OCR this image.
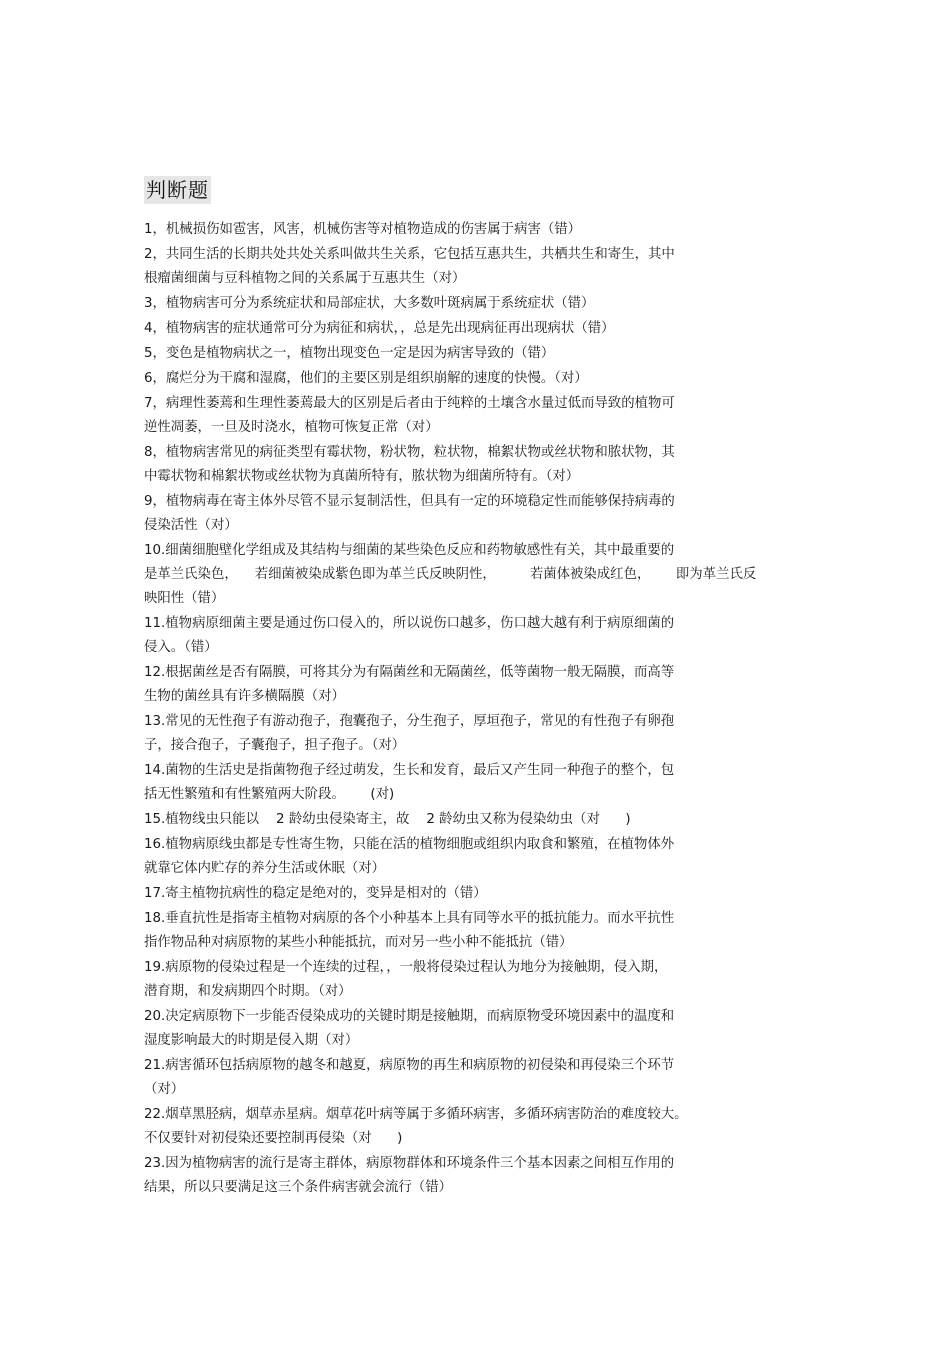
判断题
1，机械损伤如雹害，风害，机械伤害等对植物造成的伤害属于病害（错）
2，共同生活的长期共处共处关系叫做共生关系，它包括互惠共生，共栖共生和寄生，其中
根瘤菌细菌与豆科植物之间的关系属于互惠共生（对）
3，植物病害可分为系统症状和局部症状，大多数叶斑病属于系统症状（错）
4，植物病害的症状通常可分为病征和病状，，总是先出现病征再出现病状（错）
5，变色是植物病状之一，植物出现变色一定是因为病害导致的（错）
6，腐烂分为干腐和湿腐，他们的主要区别是组织崩解的速度的快慢。（对）
7，病理性萎蔫和生理性萎蔫最大的区别是后者由于纯粹的土壤含水量过低而导致的植物可
逆性凋萎，一旦及时浇水，植物可恢复正常（对）
8，植物病害常见的病征类型有霉状物，粉状物，粒状物，棉絮状物或丝状物和脓状物，其
中霉状物和棉絮状物或丝状物为真菌所特有，脓状物为细菌所特有。（对）
9，植物病毒在寄主体外尽管不显示复制活性，但具有一定的环境稳定性而能够保持病毒的
侵染活性（对）
10.细菌细胞壁化学组成及其结构与细菌的某些染色反应和药物敏感性有关，其中最重要的
是革兰氏染色，    若细菌被染成紫色即为革兰氏反映阴性，        若菌体被染成红色，      即为革兰氏反
映阳性（错）
11.植物病原细菌主要是通过伤口侵入的，所以说伤口越多，伤口越大越有利于病原细菌的
侵入。（错）
12.根据菌丝是否有隔膜，可将其分为有隔菌丝和无隔菌丝，低等菌物一般无隔膜，而高等
生物的菌丝具有许多横隔膜（对）
13.常见的无性孢子有游动孢子，孢囊孢子，分生孢子，厚垣孢子，常见的有性孢子有卵孢
子，接合孢子，子囊孢子，担子孢子。（对）
14.菌物的生活史是指菌物孢子经过萌发，生长和发育，最后又产生同一种孢子的整个，包
括无性繁殖和有性繁殖两大阶段。      (对)
15.植物线虫只能以    2 龄幼虫侵染寄主，故    2 龄幼虫又称为侵染幼虫（对      )
16.植物病原线虫都是专性寄生物，只能在活的植物细胞或组织内取食和繁殖，在植物体外
就靠它体内贮存的养分生活或休眠（对）
17.寄主植物抗病性的稳定是绝对的，变异是相对的（错）
18.垂直抗性是指寄主植物对病原的各个小种基本上具有同等水平的抵抗能力。而水平抗性
指作物品种对病原物的某些小种能抵抗，而对另一些小种不能抵抗（错）
19.病原物的侵染过程是一个连续的过程，，一般将侵染过程认为地分为接触期，侵入期，
潜育期，和发病期四个时期。（对）
20.决定病原物下一步能否侵染成功的关键时期是接触期，而病原物受环境因素中的温度和
湿度影响最大的时期是侵入期（对）
21.病害循环包括病原物的越冬和越夏，病原物的再生和病原物的初侵染和再侵染三个环节
（对）
22.烟草黑胫病，烟草赤星病。烟草花叶病等属于多循环病害，多循环病害防治的难度较大。
不仅要针对初侵染还要控制再侵染（对      )
23.因为植物病害的流行是寄主群体，病原物群体和环境条件三个基本因素之间相互作用的
结果，所以只要满足这三个条件病害就会流行（错）
